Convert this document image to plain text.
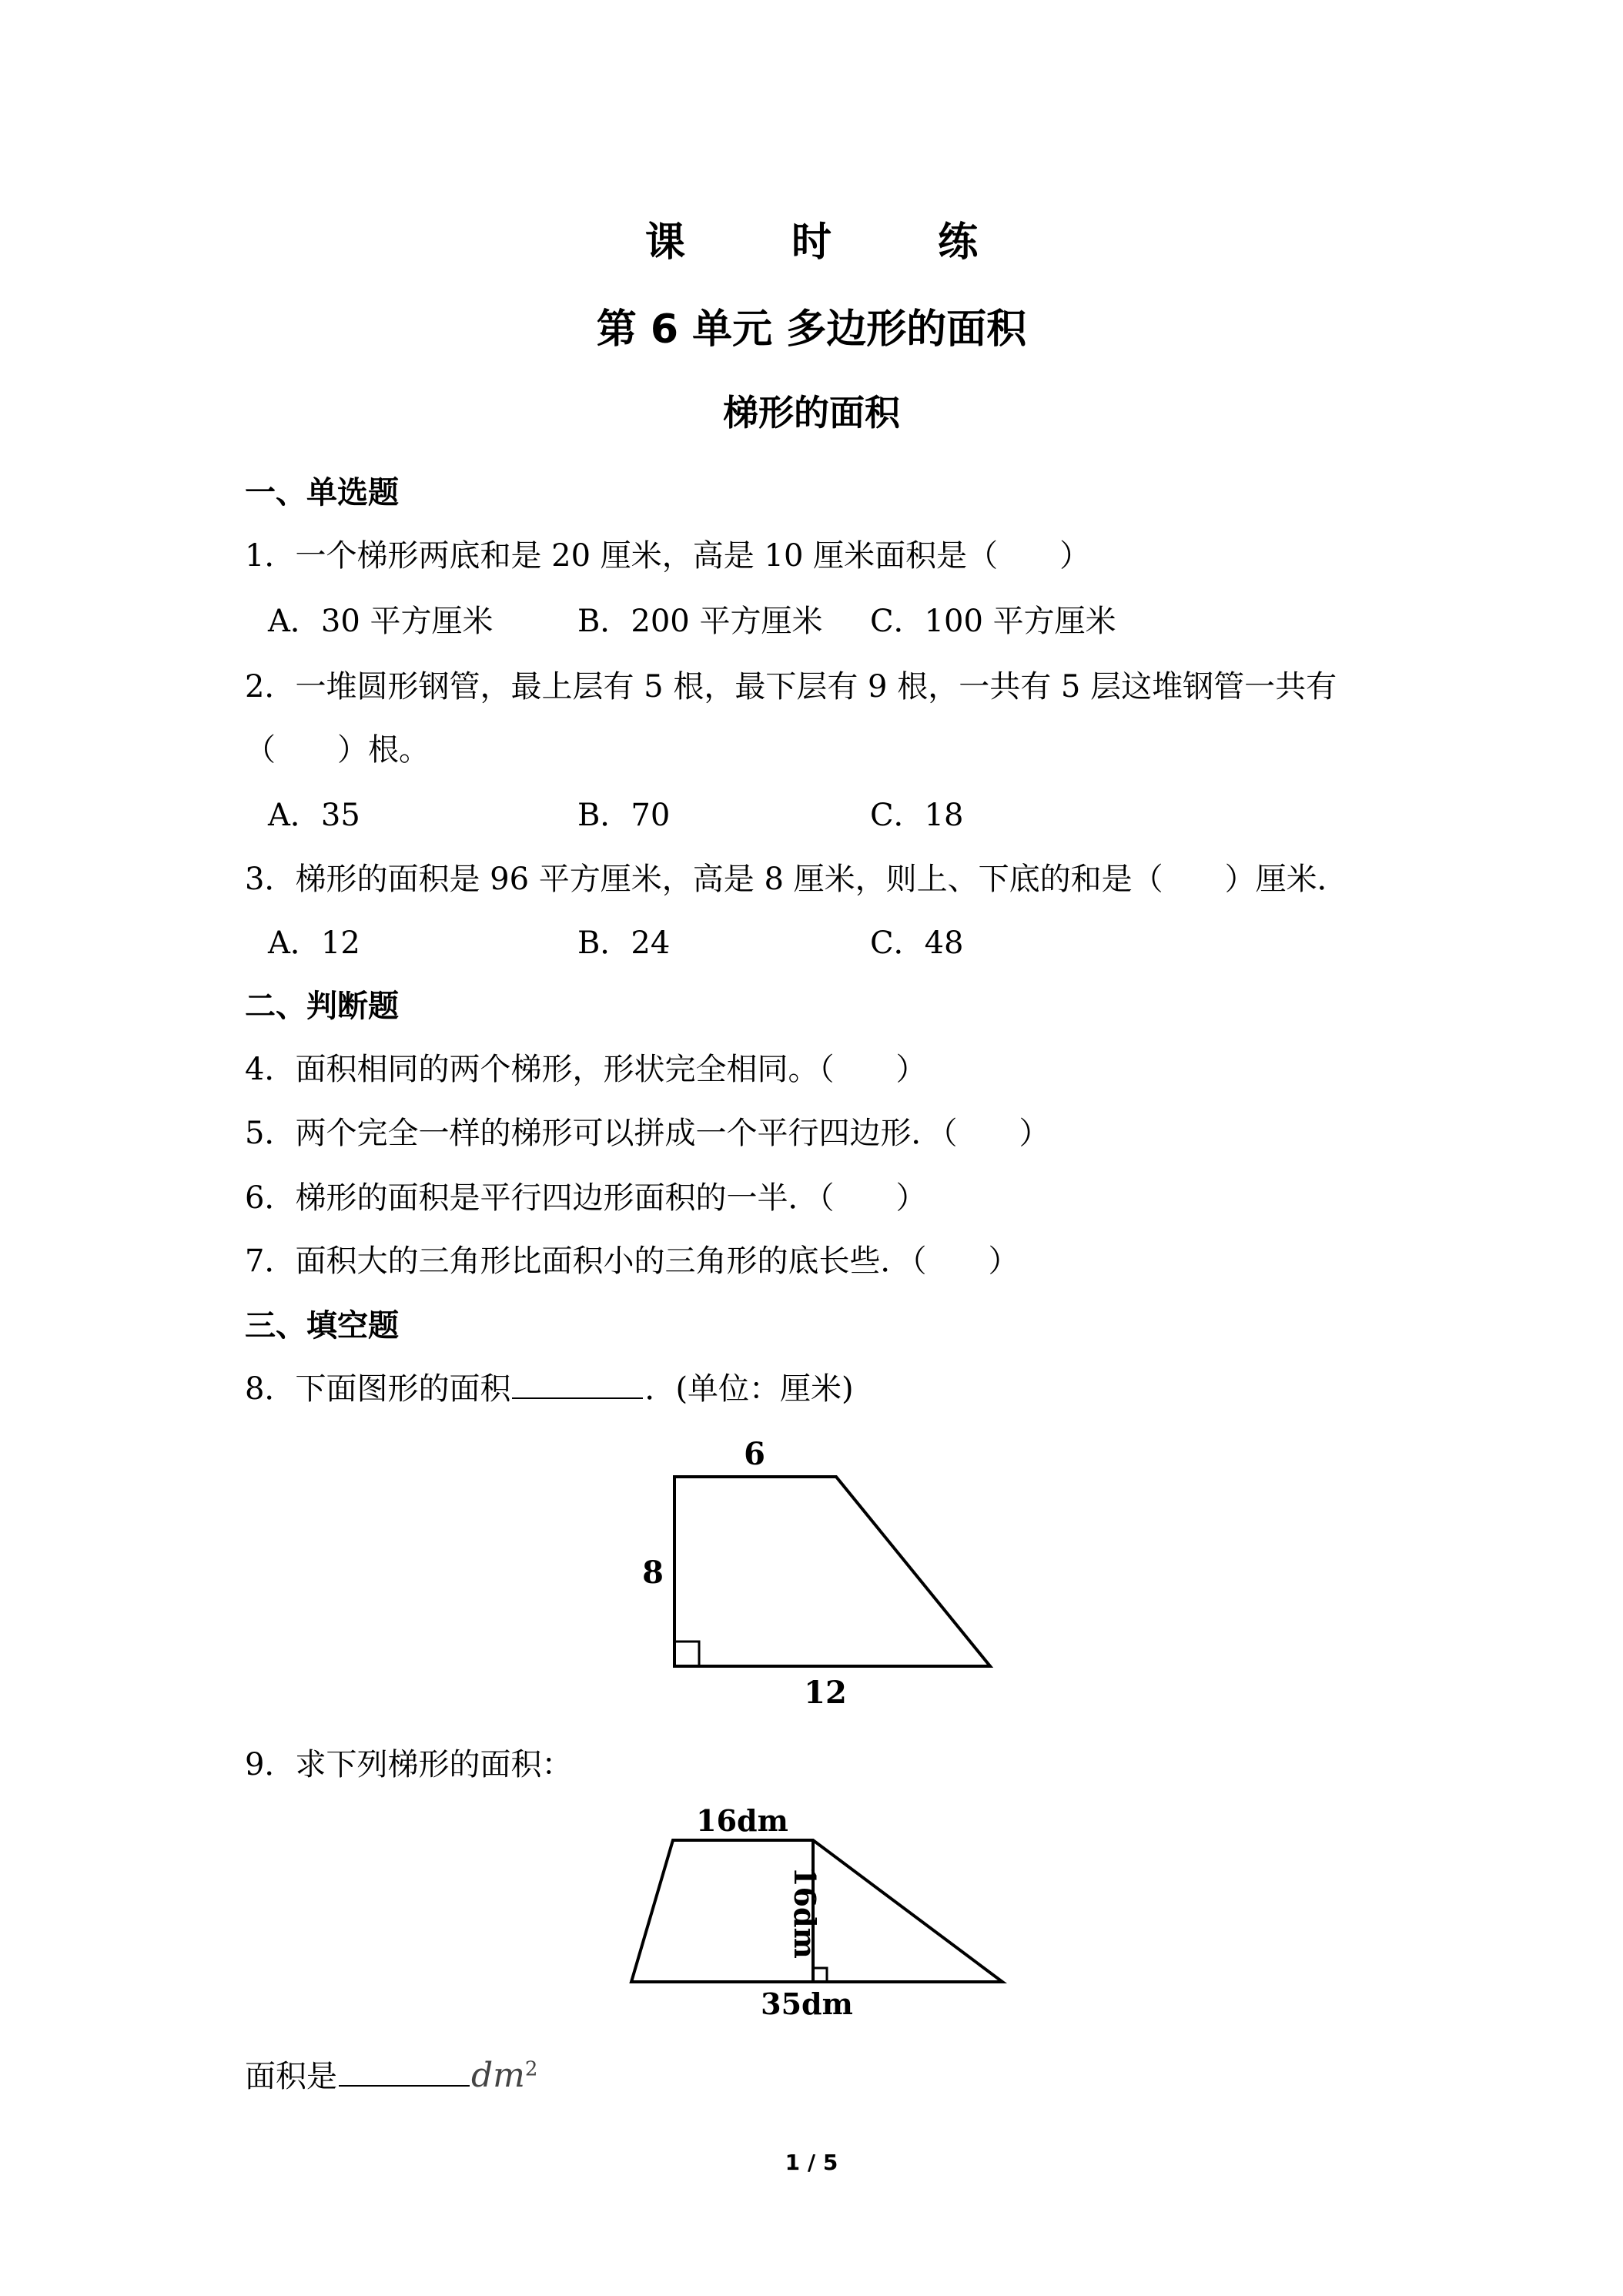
课 时 练
第 6 单元 多边形的面积
梯形的面积
一、单选题
1．一个梯形两底和是 20 厘米，高是 10 厘米面积是（　　）
A．30 平方厘米	B．200 平方厘米 C．100 平方厘米
2．一堆圆形钢管，最上层有 5 根，最下层有 9 根，一共有 5 层这堆钢管一共有
（　　）根。
A．35	B．70	C．18
3．梯形的面积是 96 平方厘米，高是 8 厘米，则上、下底的和是（　　）厘米．
A．12	B．24	C．48
二、判断题
4．面积相同的两个梯形，形状完全相同。（　　）
5．两个完全一样的梯形可以拼成一个平行四边形．（　　）
6．梯形的面积是平行四边形面积的一半．（　　）
7．面积大的三角形比面积小的三角形的底长些．（　　）
三、填空题
8．下面图形的面积	．(单位：厘米)
6
8
12
9．求下列梯形的面积：
16dm
16dm
35dm
面积是	$dm^2$
1 / 5
